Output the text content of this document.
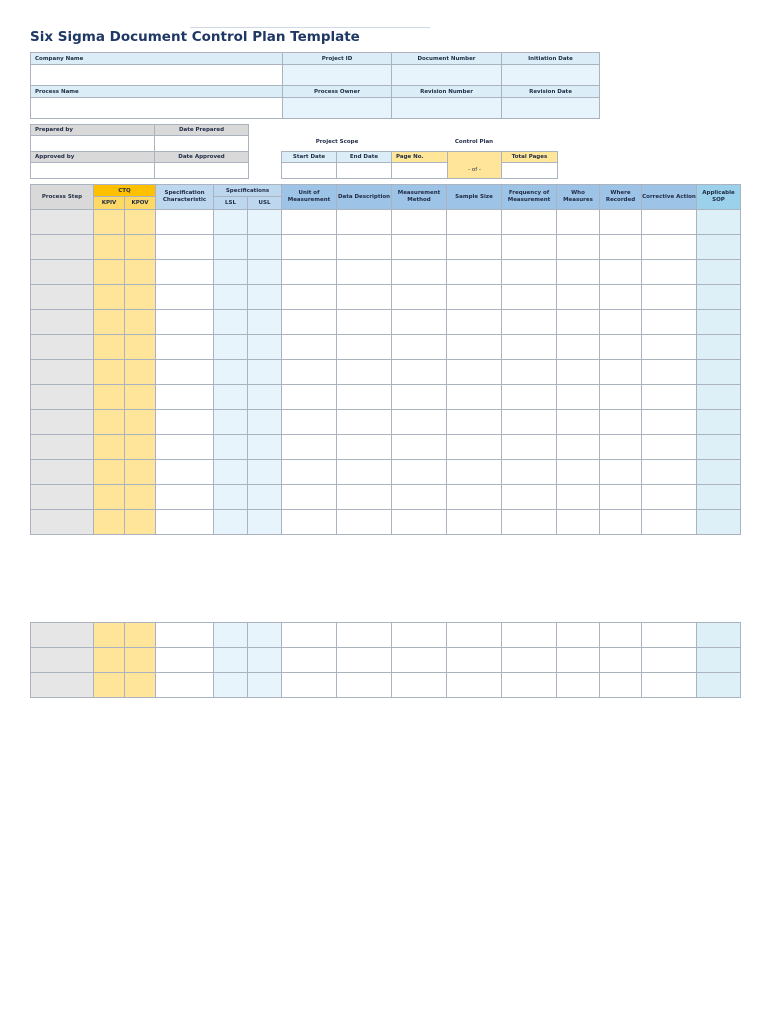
Six Sigma Document Control Plan Template
Company Name	Project ID	Document Number	Initiation Date

Process Name	Process Owner	Revision Number	Revision Date

Prepared by	Date Prepared

Approved by	Date Approved

Project Scope	Control Plan
Start Date	End Date	Page No.		Total Pages
			- of -	
Process Step	CTQ		Specification Characteristic	Specifications		Unit of Measurement	Data Description	Measurement Method	Sample Size	Frequency of Measurement	Who Measures	Where Recorded	Corrective Action	Applicable SOP
	KPIV	KPOV		LSL	USL									
